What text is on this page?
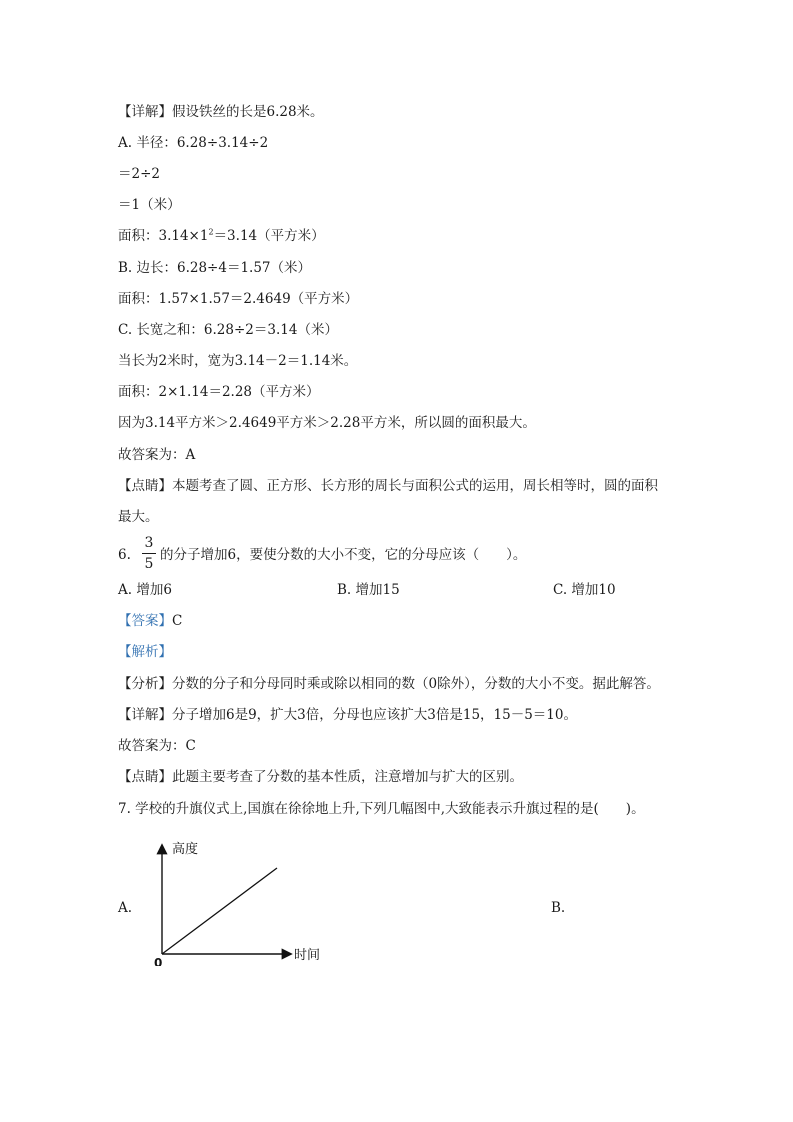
【详解】假设铁丝的长是6.28米。
A. 半径：6.28÷3.14÷2
＝2÷2
＝1（米）
面积：$3.14\times 1^2=3.14$（平方米）
B. 边长：6.28÷4＝1.57（米）
面积：1.57×1.57＝2.4649（平方米）
C. 长宽之和：6.28÷2＝3.14（米）
当长为2米时，宽为3.14－2＝1.14米。
面积：2×1.14＝2.28（平方米）
因为3.14平方米＞2.4649平方米＞2.28平方米，所以圆的面积最大。
故答案为：A
【点睛】本题考查了圆、正方形、长方形的周长与面积公式的运用，周长相等时，圆的面积
最大。
6.
3
5
的分子增加6，要使分数的大小不变，它的分母应该（　　）。
A. 增加6	B. 增加15	C. 增加10
【答案】C
【解析】
【分析】分数的分子和分母同时乘或除以相同的数（0除外），分数的大小不变。据此解答。
【详解】分子增加6是9，扩大3倍，分母也应该扩大3倍是15，15－5＝10。
故答案为：C
【点睛】此题主要考查了分数的基本性质，注意增加与扩大的区别。
7. 学校的升旗仪式上,国旗在徐徐地上升,下列几幅图中,大致能表示升旗过程的是(　　)。
A.	B.
高度
时间
0
